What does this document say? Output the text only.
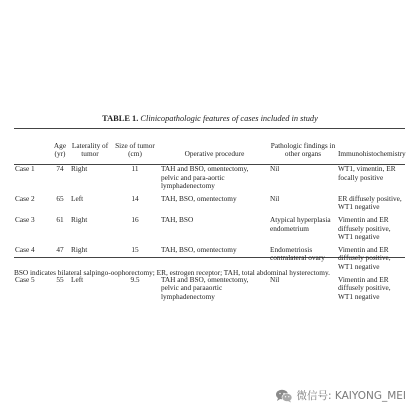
TABLE 1. Clinicopathologic features of cases included in study
	Age (yr)	Laterality of tumor	Size of tumor (cm)	Operative procedure	Pathologic findings in other organs	Immunohistochemistry
Case 1	74	Right	11	TAH and BSO, omentectomy, pelvic and para-aortic lymphadenectomy	Nil	WT1, vimentin, ER focally positive
Case 2	65	Left	14	TAH, BSO, omentectomy	Nil	ER diffusely positive, WT1 negative
Case 3	61	Right	16	TAH, BSO	Atypical hyperplasia endometrium	Vimentin and ER diffusely positive, WT1 negative
Case 4	47	Right	15	TAH, BSO, omentectomy	Endometriosis contralateral ovary	Vimentin and ER diffusely positive, WT1 negative
Case 5	55	Left	9.5	TAH and BSO, omentectomy, pelvic and paraaortic lymphadenectomy	Nil	Vimentin and ER diffusely positive, WT1 negative
BSO indicates bilateral salpingo-oophorectomy; ER, estrogen receptor; TAH, total abdominal hysterectomy.
微信号: KAIYONG_MEI
